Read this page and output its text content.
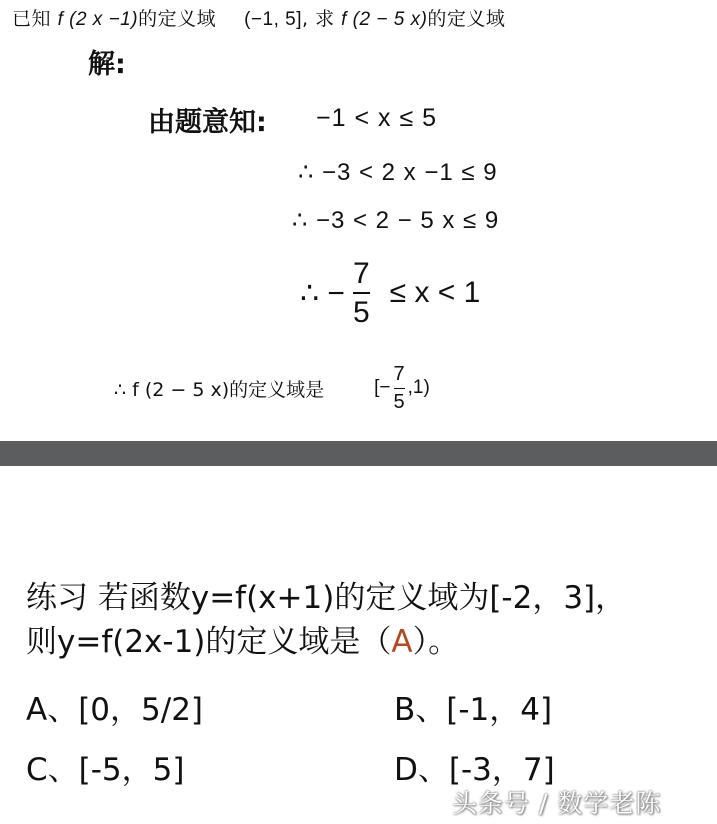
已知 f (2 x −1)的定义域 (−1, 5], 求 f (2 − 5 x)的定义域
解:
由题意知: −1 < x ≤ 5
∴ −3 < 2 x −1 ≤ 9
∴ −3 < 2 − 5 x ≤ 9
∴ − $\frac{7}{5} \le x < 1$
∴ f (2 − 5 x)的定义域是	[− $\frac{7}{5} ,1$)
练习 若函数y=f(x+1)的定义域为[-2，3]，
则y=f(2x-1)的定义域是（A）。
A、[0，5/2]	B、[-1，4]
C、[-5，5]	D、[-3，7]
头条号 / 数学老陈
